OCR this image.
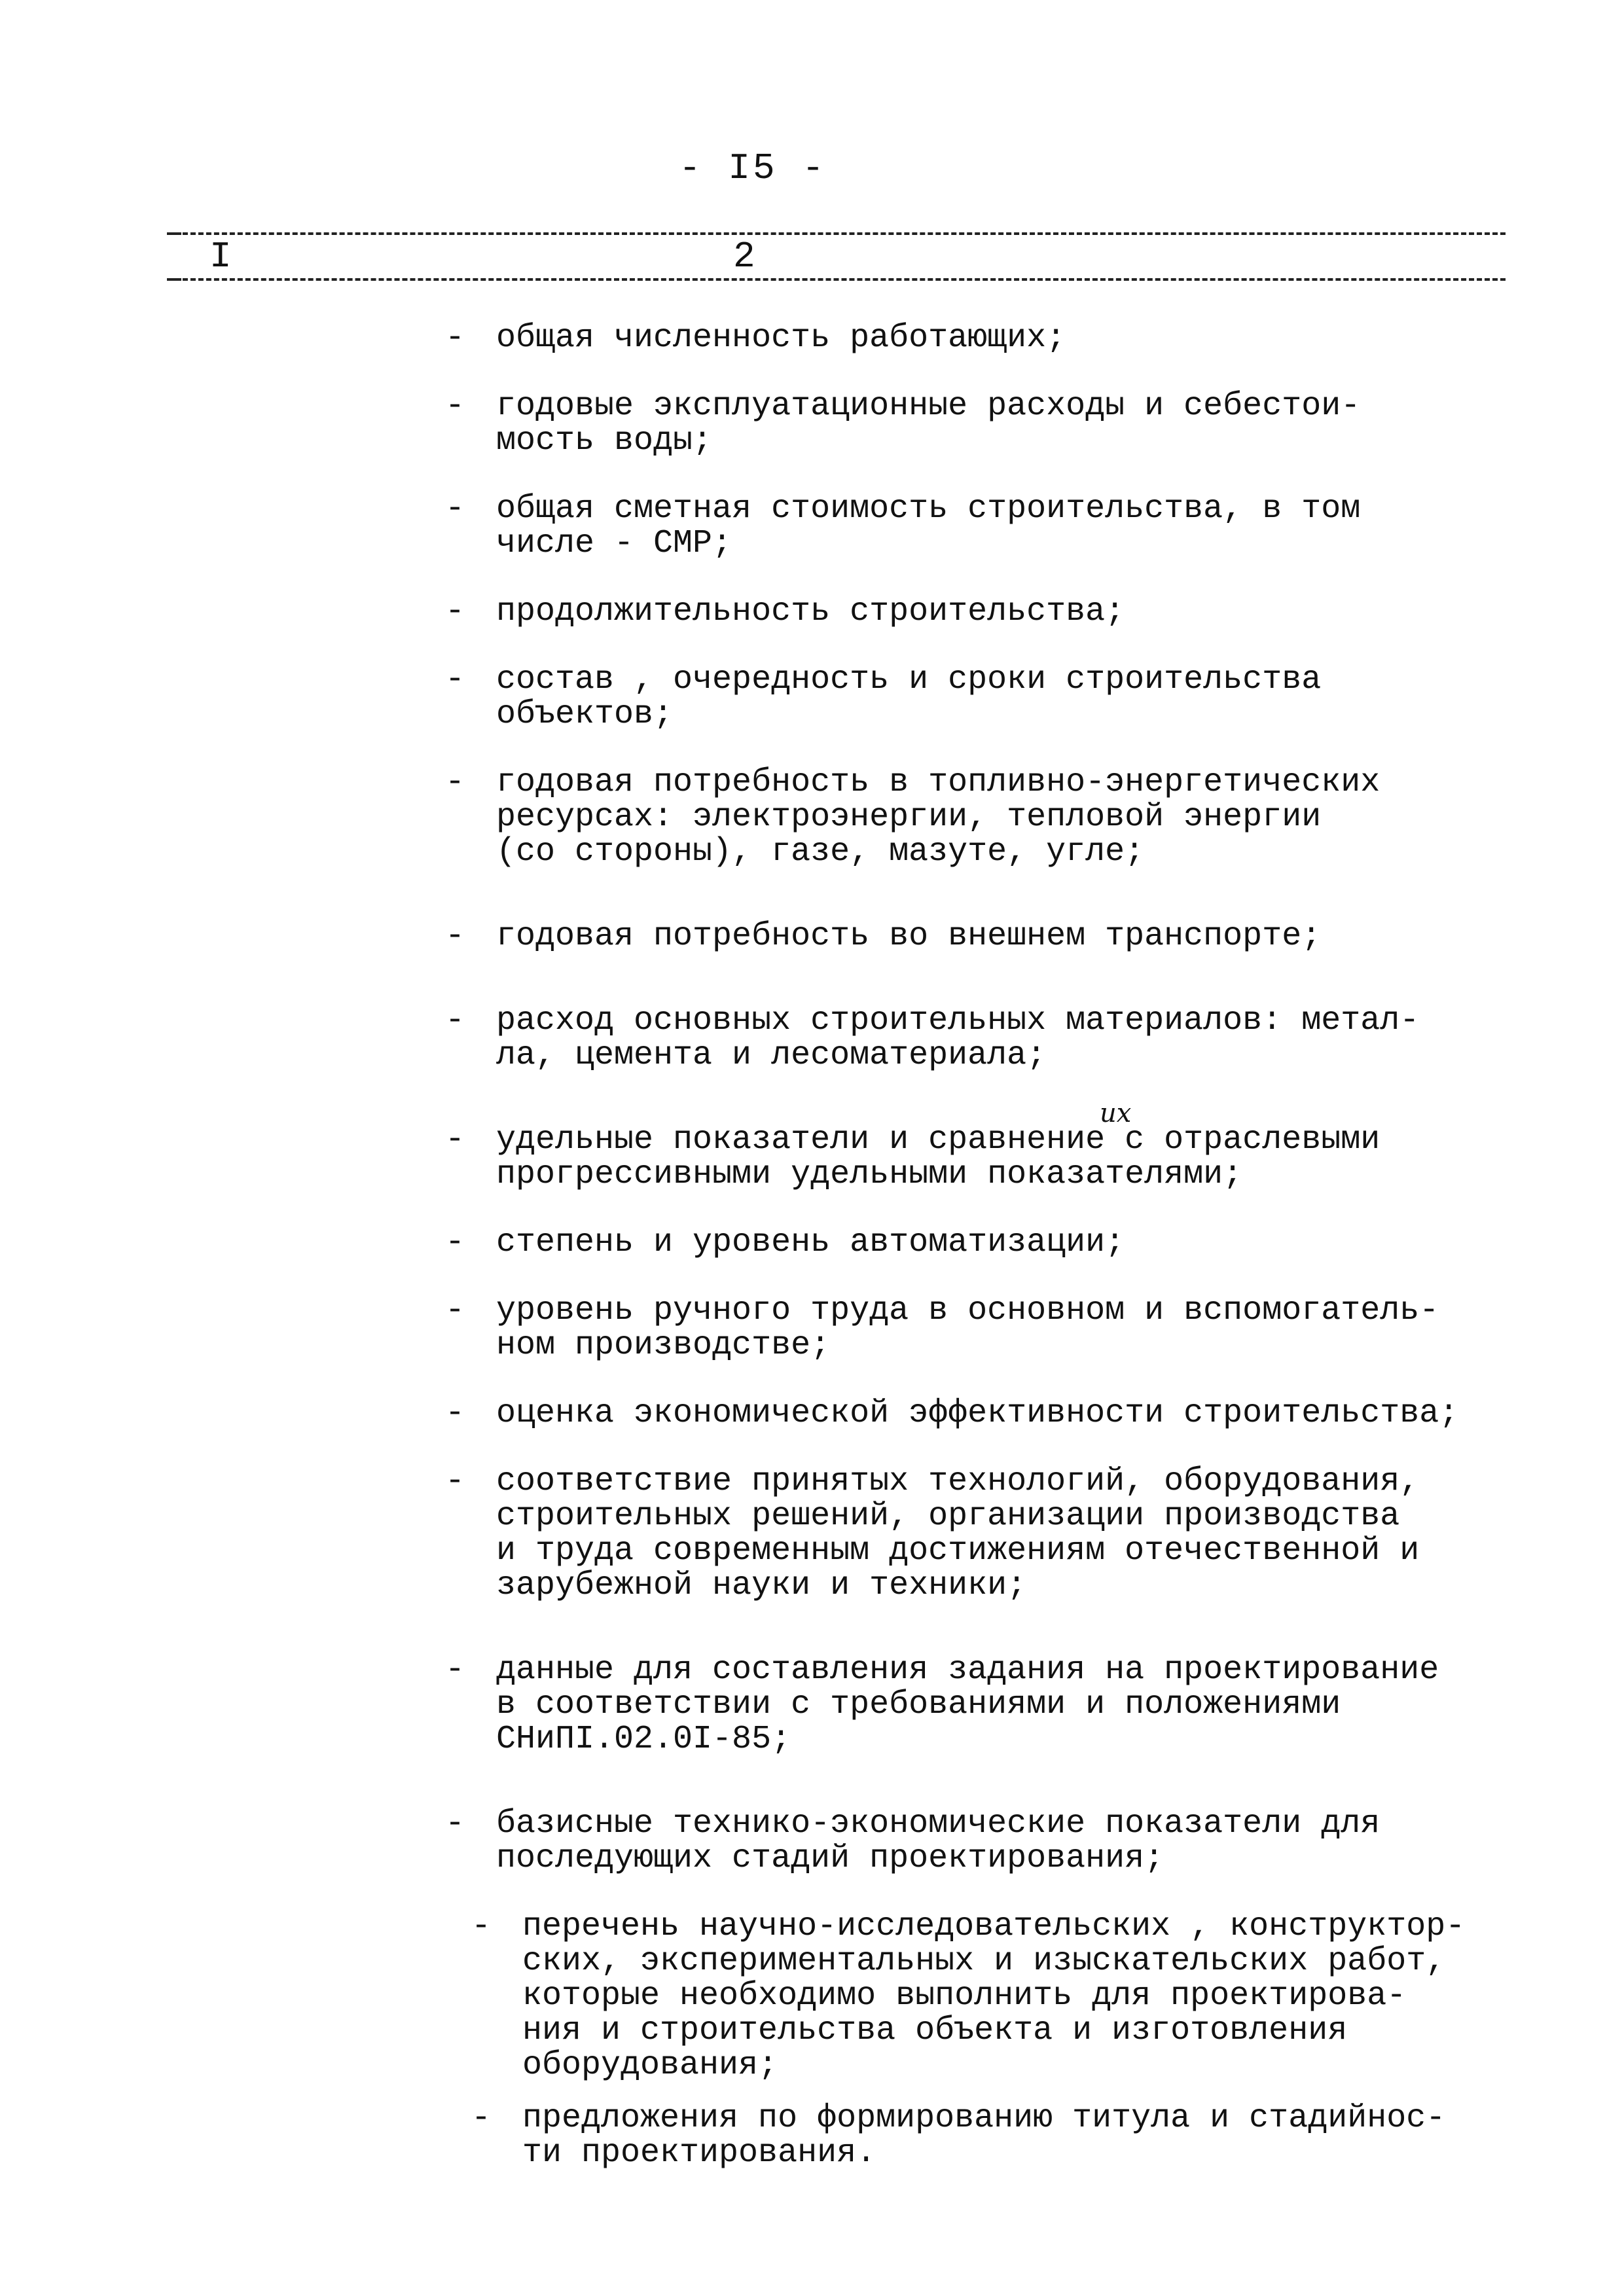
- I5 -
I	2
- общая численность работающих;
- годовые эксплуатационные расходы и себестои-
мость воды;
- общая сметная стоимость строительства, в том
числе - СМР;
- продолжительность строительства;
- состав , очередность и сроки строительства
объектов;
- годовая потребность в топливно-энергетических
ресурсах: электроэнергии, тепловой энергии
(со стороны), газе, мазуте, угле;
- годовая потребность во внешнем транспорте;
- расход основных строительных материалов: метал-
ла, цемента и лесоматериала;
-
их
удельные показатели и сравнение с отраслевыми
прогрессивными удельными показателями;
- степень и уровень автоматизации;
- уровень ручного труда в основном и вспомогатель-
ном производстве;
- оценка экономической эффективности строительства;
- соответствие принятых технологий, оборудования,
строительных решений, организации производства
и труда современным достижениям отечественной и
зарубежной науки и техники;
- данные для составления задания на проектирование
в соответствии с требованиями и положениями
СНиПI.02.0I-85;
- базисные технико-экономические показатели для
последующих стадий проектирования;
- перечень научно-исследовательских , конструктор-
ских, экспериментальных и изыскательских работ,
которые необходимо выполнить для проектирова-
ния и строительства объекта и изготовления
оборудования;
- предложения по формированию титула и стадийнос-
ти проектирования.
